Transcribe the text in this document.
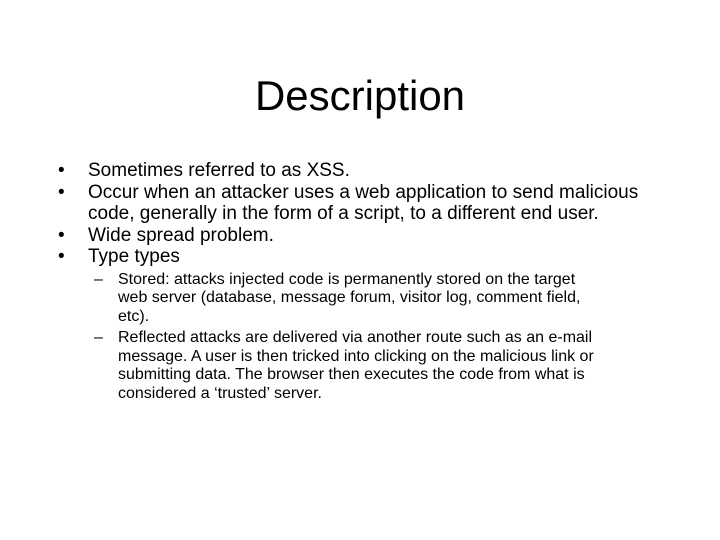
Description
• Sometimes referred to as XSS.
• Occur when an attacker uses a web application to send malicious code, generally in the form of a script, to a different end user.
• Wide spread problem.
• Type types
– Stored: attacks injected code is permanently stored on the target web server (database, message forum, visitor log, comment field, etc).
– Reflected attacks are delivered via another route such as an e-mail message. A user is then tricked into clicking on the malicious link or submitting data. The browser then executes the code from what is considered a ‘trusted’ server.
